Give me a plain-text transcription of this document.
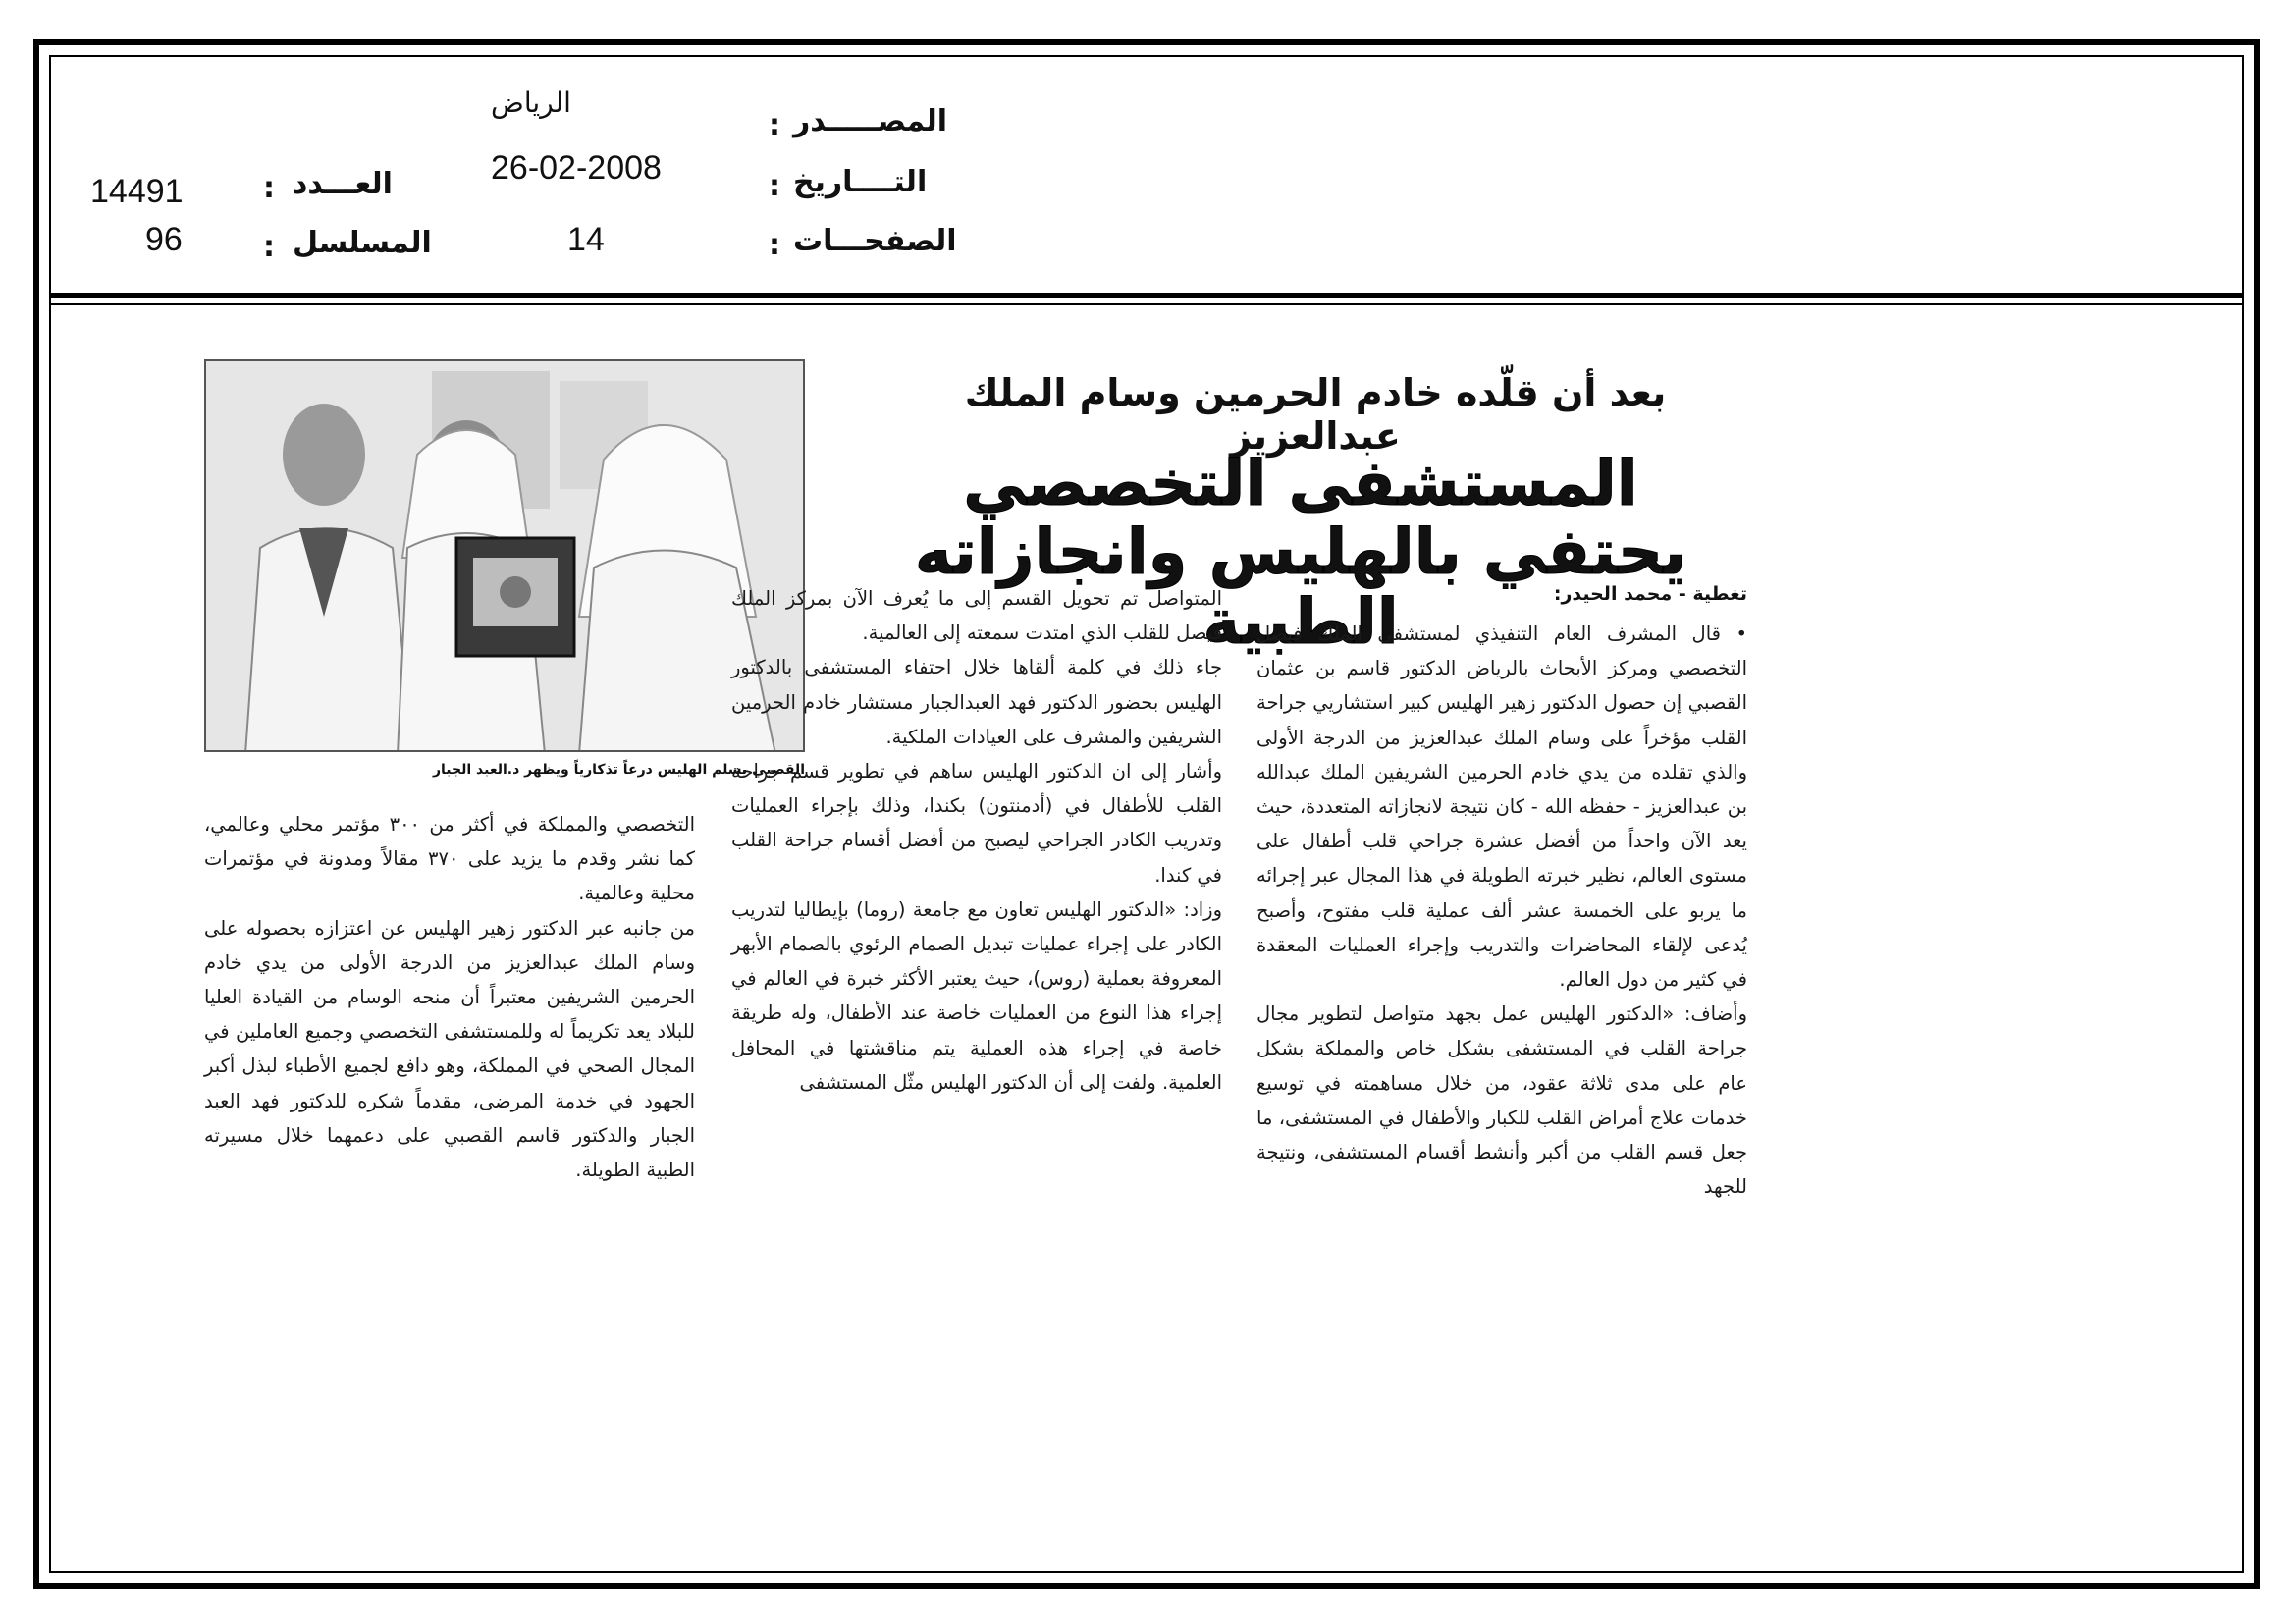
المصـــــدر
:
الرياض
التــــاريخ
:
26-02-2008
الصفحـــات
:
14
العـــدد
:
14491
المسلسل
:
96
بعد أن قلّده خادم الحرمين وسام الملك عبدالعزيز
المستشفى التخصصي يحتفي بالهليس وانجازاته الطبية	تغطية - محمد الحيدر:
القصبي يسلم الهليس درعاً تذكارياً ويظهر د.العبد الجبار

• قال المشرف العام التنفيذي لمستشفى الملك فيصل التخصصي ومركز الأبحاث بالرياض الدكتور قاسم بن عثمان القصبي إن حصول الدكتور زهير الهليس كبير استشاريي جراحة القلب مؤخراً على وسام الملك عبدالعزيز من الدرجة الأولى والذي تقلده من يدي خادم الحرمين الشريفين الملك عبدالله بن عبدالعزيز - حفظه الله - كان نتيجة لانجازاته المتعددة، حيث يعد الآن واحداً من أفضل عشرة جراحي قلب أطفال على مستوى العالم، نظير خبرته الطويلة في هذا المجال عبر إجرائه ما يربو على الخمسة عشر ألف عملية قلب مفتوح، وأصبح يُدعى لإلقاء المحاضرات والتدريب وإجراء العمليات المعقدة في كثير من دول العالم.

وأضاف: «الدكتور الهليس عمل بجهد متواصل لتطوير مجال جراحة القلب في المستشفى بشكل خاص والمملكة بشكل عام على مدى ثلاثة عقود، من خلال مساهمته في توسيع خدمات علاج أمراض القلب للكبار والأطفال في المستشفى، ما جعل قسم القلب من أكبر وأنشط أقسام المستشفى، ونتيجة للجهد

المتواصل تم تحويل القسم إلى ما يُعرف الآن بمركز الملك فيصل للقلب الذي امتدت سمعته إلى العالمية.

جاء ذلك في كلمة ألقاها خلال احتفاء المستشفى بالدكتور الهليس بحضور الدكتور فهد العبدالجبار مستشار خادم الحرمين الشريفين والمشرف على العيادات الملكية.

وأشار إلى ان الدكتور الهليس ساهم في تطوير قسم جراحة القلب للأطفال في (أدمنتون) بكندا، وذلك بإجراء العمليات وتدريب الكادر الجراحي ليصبح من أفضل أقسام جراحة القلب في كندا.

وزاد: «الدكتور الهليس تعاون مع جامعة (روما) بإيطاليا لتدريب الكادر على إجراء عمليات تبديل الصمام الرئوي بالصمام الأبهر المعروفة بعملية (روس)، حيث يعتبر الأكثر خبرة في العالم في إجراء هذا النوع من العمليات خاصة عند الأطفال، وله طريقة خاصة في إجراء هذه العملية يتم مناقشتها في المحافل العلمية. ولفت إلى أن الدكتور الهليس مثّل المستشفى

التخصصي والمملكة في أكثر من ٣٠٠ مؤتمر محلي وعالمي، كما نشر وقدم ما يزيد على ٣٧٠ مقالاً ومدونة في مؤتمرات محلية وعالمية.

من جانبه عبر الدكتور زهير الهليس عن اعتزازه بحصوله على وسام الملك عبدالعزيز من الدرجة الأولى من يدي خادم الحرمين الشريفين معتبراً أن منحه الوسام من القيادة العليا للبلاد يعد تكريماً له وللمستشفى التخصصي وجميع العاملين في المجال الصحي في المملكة، وهو دافع لجميع الأطباء لبذل أكبر الجهود في خدمة المرضى، مقدماً شكره للدكتور فهد العبد الجبار والدكتور قاسم القصبي على دعمهما خلال مسيرته الطبية الطويلة.
